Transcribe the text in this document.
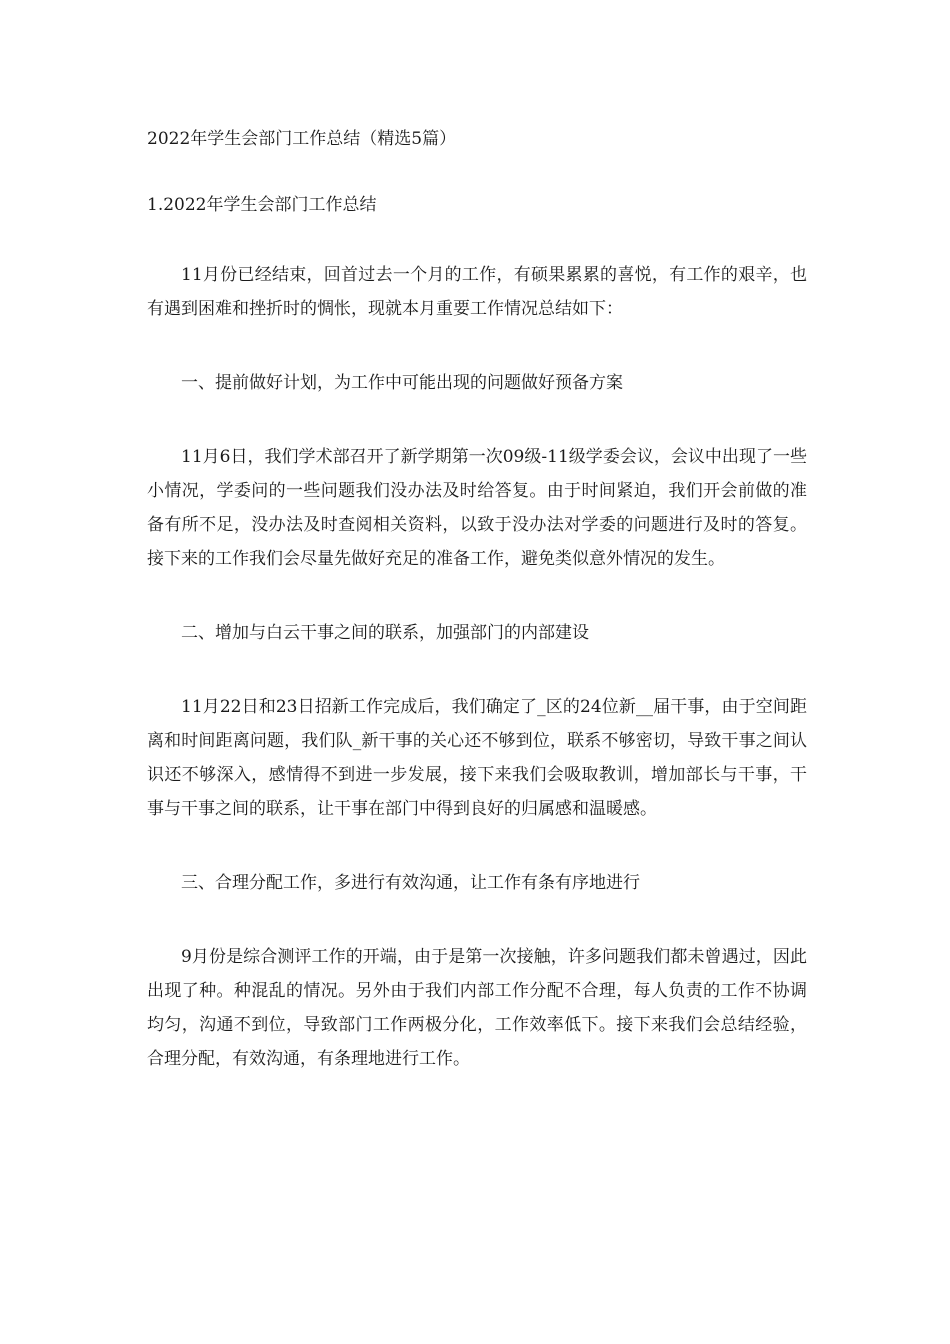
2022年学生会部门工作总结（精选5篇）

1.2022年学生会部门工作总结

11月份已经结束，回首过去一个月的工作，有硕果累累的喜悦，有工作的艰辛，也有遇到困难和挫折时的惆怅，现就本月重要工作情况总结如下：

一、提前做好计划，为工作中可能出现的问题做好预备方案

11月6日，我们学术部召开了新学期第一次09级-11级学委会议，会议中出现了一些小情况，学委问的一些问题我们没办法及时给答复。由于时间紧迫，我们开会前做的准备有所不足，没办法及时查阅相关资料，以致于没办法对学委的问题进行及时的答复。接下来的工作我们会尽量先做好充足的准备工作，避免类似意外情况的发生。

二、增加与白云干事之间的联系，加强部门的内部建设

11月22日和23日招新工作完成后，我们确定了_区的24位新__届干事，由于空间距离和时间距离问题，我们队_新干事的关心还不够到位，联系不够密切，导致干事之间认识还不够深入，感情得不到进一步发展，接下来我们会吸取教训，增加部长与干事，干事与干事之间的联系，让干事在部门中得到良好的归属感和温暖感。

三、合理分配工作，多进行有效沟通，让工作有条有序地进行

9月份是综合测评工作的开端，由于是第一次接触，许多问题我们都未曾遇过，因此出现了种。种混乱的情况。另外由于我们内部工作分配不合理，每人负责的工作不协调均匀，沟通不到位，导致部门工作两极分化，工作效率低下。接下来我们会总结经验，合理分配，有效沟通，有条理地进行工作。
